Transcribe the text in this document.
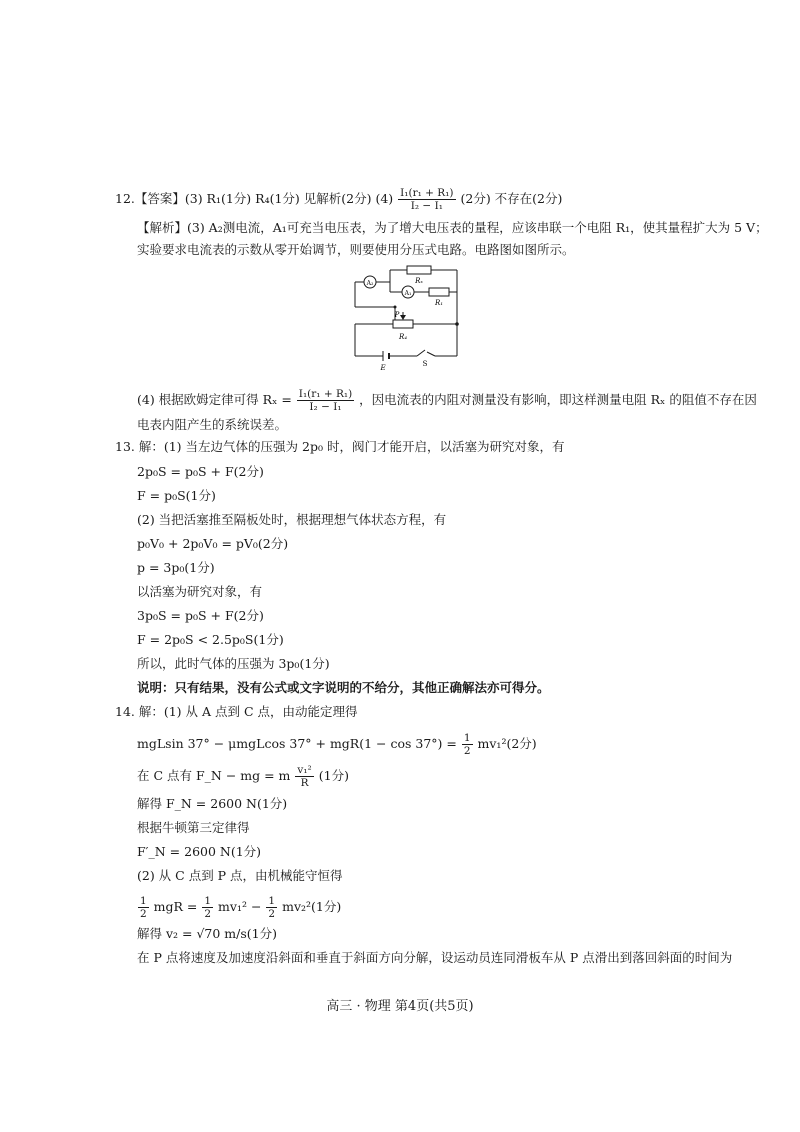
12.【答案】(3) R₁(1分) R₄(1分) 见解析(2分) $(4) \frac{\text{I₁(r₁ + R₁)}}{\text{I₂ − I₁}} (2$分) 不存在(2分)
【解析】(3) A₂测电流，A₁可充当电压表，为了增大电压表的量程，应该串联一个电阻 R₁，使其量程扩大为 5 V；
实验要求电流表的示数从零开始调节，则要使用分压式电路。电路图如图所示。
A₂
A₁
Rₓ
R₁
P
R₄
E	S
(4) 根据欧姆定律可得 $R_x = \frac{\text{I₁(r₁ + R₁)}}{\text{I₂ − I₁}}$ ，因电流表的内阻对测量没有影响，即这样测量电阻 Rₓ 的阻值不存在因
电表内阻产生的系统误差。
13. 解：(1) 当左边气体的压强为 2p₀ 时，阀门才能开启，以活塞为研究对象，有
2p₀S = p₀S + F(2分)
F = p₀S(1分)
(2) 当把活塞推至隔板处时，根据理想气体状态方程，有
p₀V₀ + 2p₀V₀ = pV₀(2分)
p = 3p₀(1分)
以活塞为研究对象，有
3p₀S = p₀S + F(2分)
F = 2p₀S < 2.5p₀S(1分)
所以，此时气体的压强为 3p₀(1分)
说明：只有结果，没有公式或文字说明的不给分，其他正确解法亦可得分。
14. 解：(1) 从 A 点到 C 点，由动能定理得
mgLsin 37° − μmgLcos $37^\circ + mgR(1 - \cos 37^\circ) = \frac{1}{2} mv_1^2(2$分)
在 C 点有 F_N − mg = m $\frac{\text{v₁²}}{R} (1$分)
解得 F_N = 2600 N(1分)
根据牛顿第三定律得
F′_N = 2600 N(1分)
(2) 从 C 点到 P 点，由机械能守恒得
$\frac{1}{2}$ mgR = $\frac{1}{2} mv_1^2 - \frac{1}{2} mv_2^2(1$分)
解得 v₂ = √70 m/s(1分)
在 P 点将速度及加速度沿斜面和垂直于斜面方向分解，设运动员连同滑板车从 P 点滑出到落回斜面的时间为
高三 · 物理 第4页(共5页)
